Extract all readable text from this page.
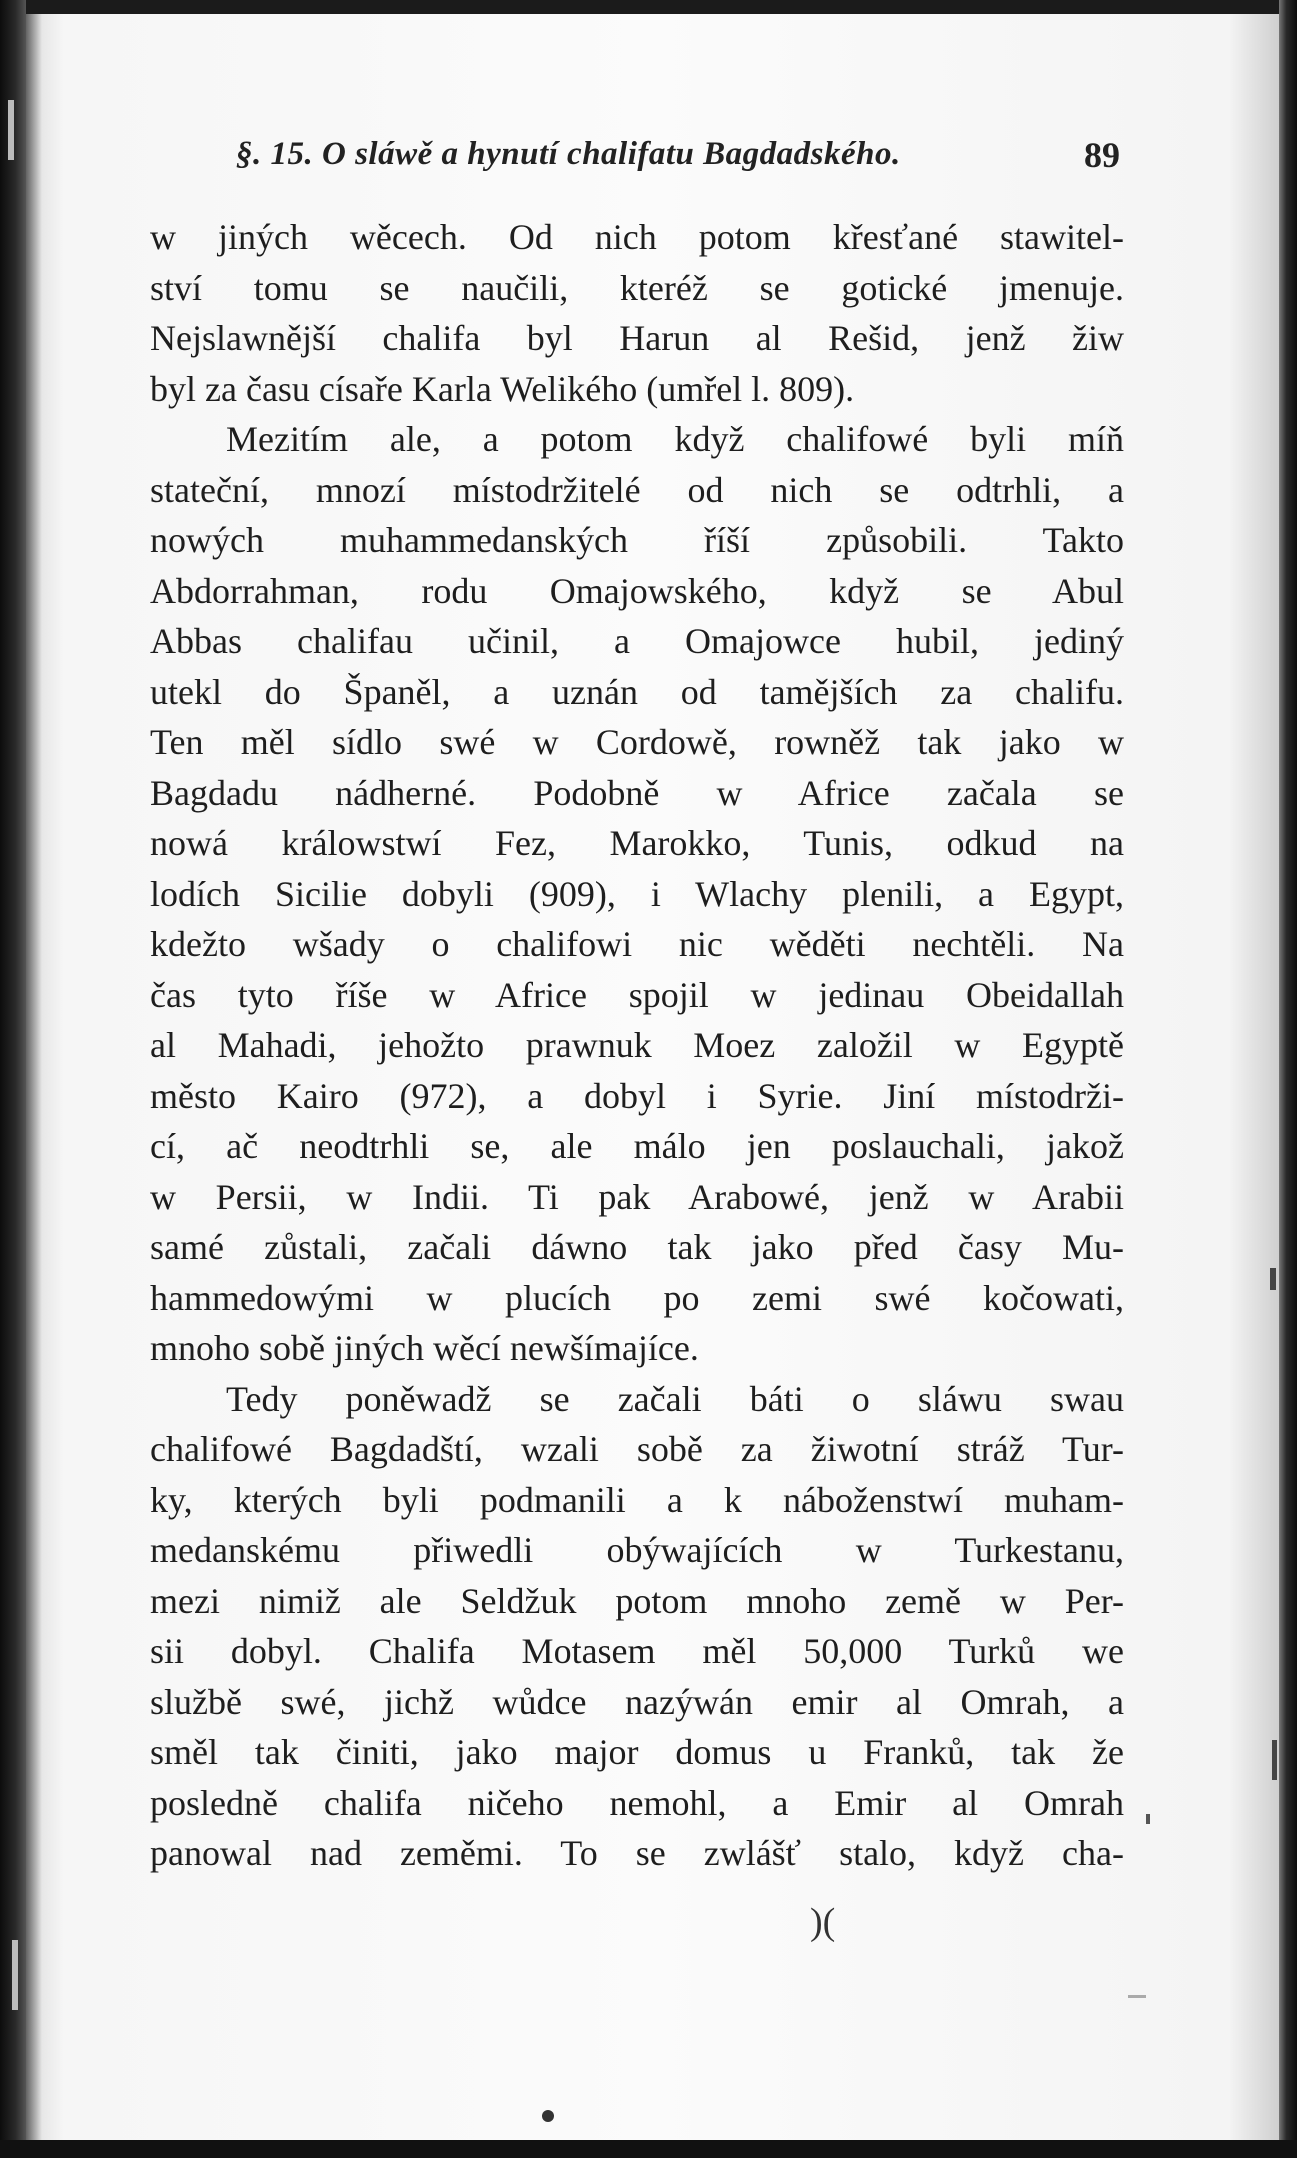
§. 15. O sláwě a hynutí chalifatu Bagdadského.	89
w jiných wěcech. Od nich potom křesťané stawitel-
ství tomu se naučili, kteréž se gotické jmenuje.
Nejslawnější chalifa byl Harun al Rešid, jenž žiw
byl za času císaře Karla Welikého (umřel l. 809).
Mezitím ale, a potom když chalifowé byli míň
stateční, mnozí místodržitelé od nich se odtrhli, a
nowých muhammedanských říší způsobili. Takto
Abdorrahman, rodu Omajowského, když se Abul
Abbas chalifau učinil, a Omajowce hubil, jediný
utekl do Španěl, a uznán od tamějších za chalifu.
Ten měl sídlo swé w Cordowě, rowněž tak jako w
Bagdadu nádherné. Podobně w Africe začala se
nowá králowstwí Fez, Marokko, Tunis, odkud na
lodích Sicilie dobyli (909), i Wlachy plenili, a Egypt,
kdežto wšady o chalifowi nic wěděti nechtěli. Na
čas tyto říše w Africe spojil w jedinau Obeidallah
al Mahadi, jehožto prawnuk Moez založil w Egyptě
město Kairo (972), a dobyl i Syrie. Jiní místodrži-
cí, ač neodtrhli se, ale málo jen poslauchali, jakož
w Persii, w Indii. Ti pak Arabowé, jenž w Arabii
samé zůstali, začali dáwno tak jako před časy Mu-
hammedowými w plucích po zemi swé kočowati,
mnoho sobě jiných wěcí newšímajíce.
Tedy poněwadž se začali báti o sláwu swau
chalifowé Bagdadští, wzali sobě za žiwotní stráž Tur-
ky, kterých byli podmanili a k náboženstwí muham-
medanskému přiwedli obýwajících w Turkestanu,
mezi nimiž ale Seldžuk potom mnoho země w Per-
sii dobyl. Chalifa Motasem měl 50,000 Turků we
službě swé, jichž wůdce nazýwán emir al Omrah, a
směl tak činiti, jako major domus u Franků, tak že
posledně chalifa ničeho nemohl, a Emir al Omrah
panowal nad zeměmi. To se zwlášť stalo, když cha-
)(
